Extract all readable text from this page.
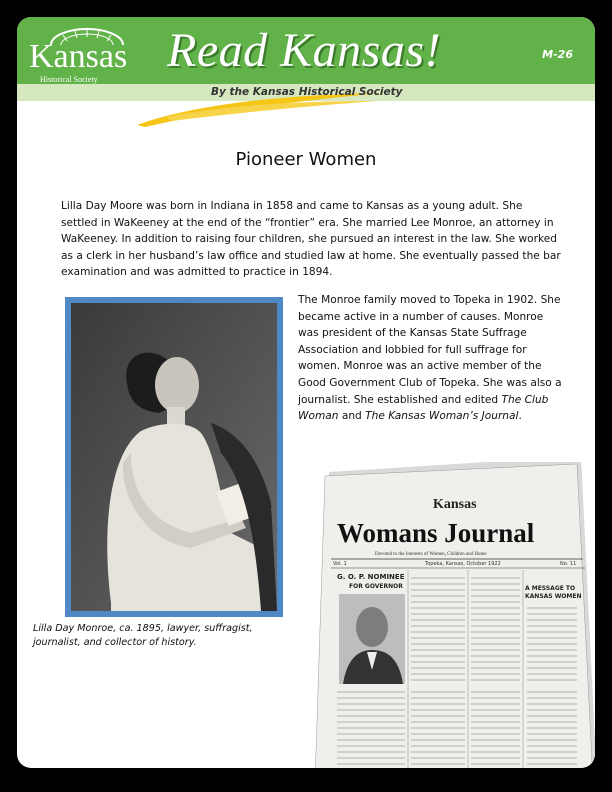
Kansas
Historical Society
Read Kansas!	M-26
By the Kansas Historical Society
Pioneer Women

Lilla Day Moore was born in Indiana in 1858 and came to Kansas as a young adult. She settled in WaKeeney at the end of the “frontier” era. She married Lee Monroe, an attorney in WaKeeney. In addition to raising four children, she pursued an interest in the law. She worked as a clerk in her husband’s law office and studied law at home. She eventually passed the bar examination and was admitted to practice in 1894.

The Monroe family moved to Topeka in 1902. She became active in a number of causes. Monroe was president of the Kansas State Suffrage Association and lobbied for full suffrage for women. Monroe was an active member of the Good Government Club of Topeka. She was also a journalist. She established and edited The Club Woman and The Kansas Woman’s Journal.

Lilla Day Monroe, ca. 1895, lawyer, suffragist, journalist, and collector of history.
Kansas
Womans Journal
Devoted to the Interests of Women, Children and Home
Vol. 1	Topeka, Kansas, October 1922	No. 11
G. O. P. NOMINEE
FOR GOVERNOR	A MESSAGE TO
KANSAS WOMEN
